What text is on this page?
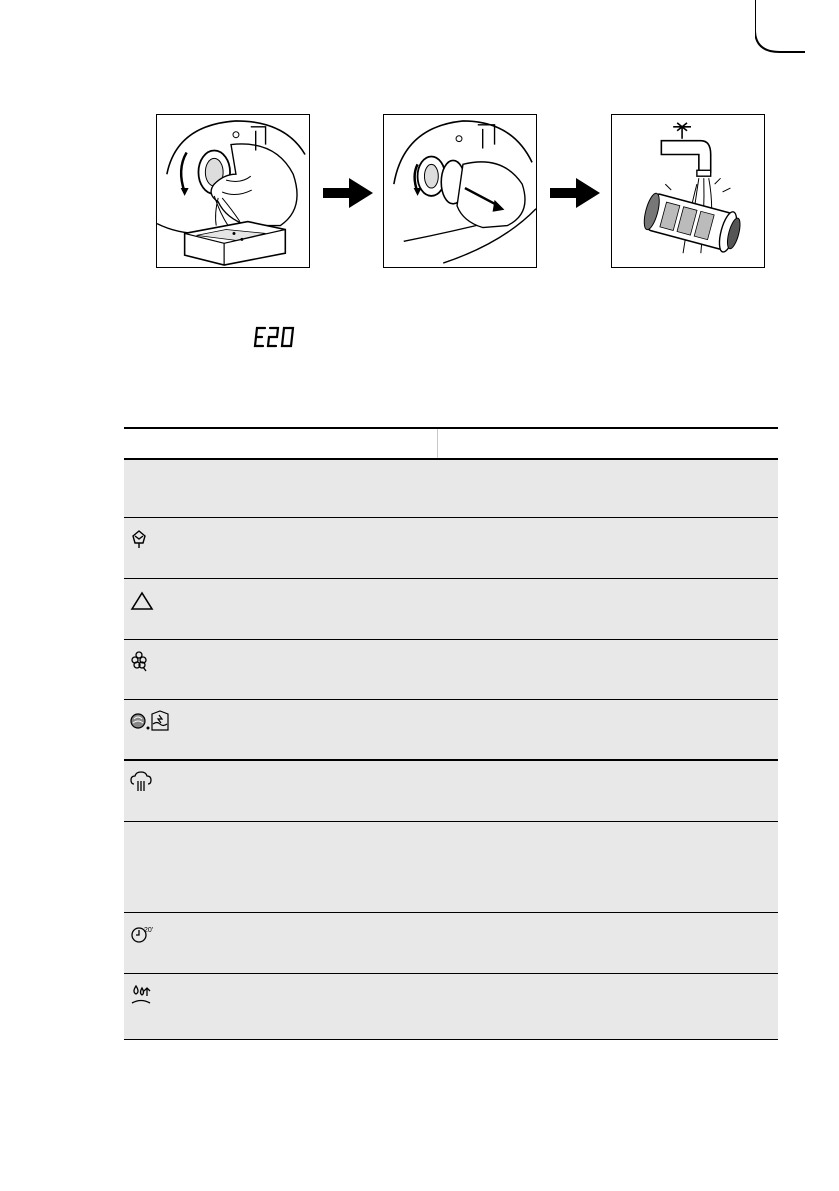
20'
